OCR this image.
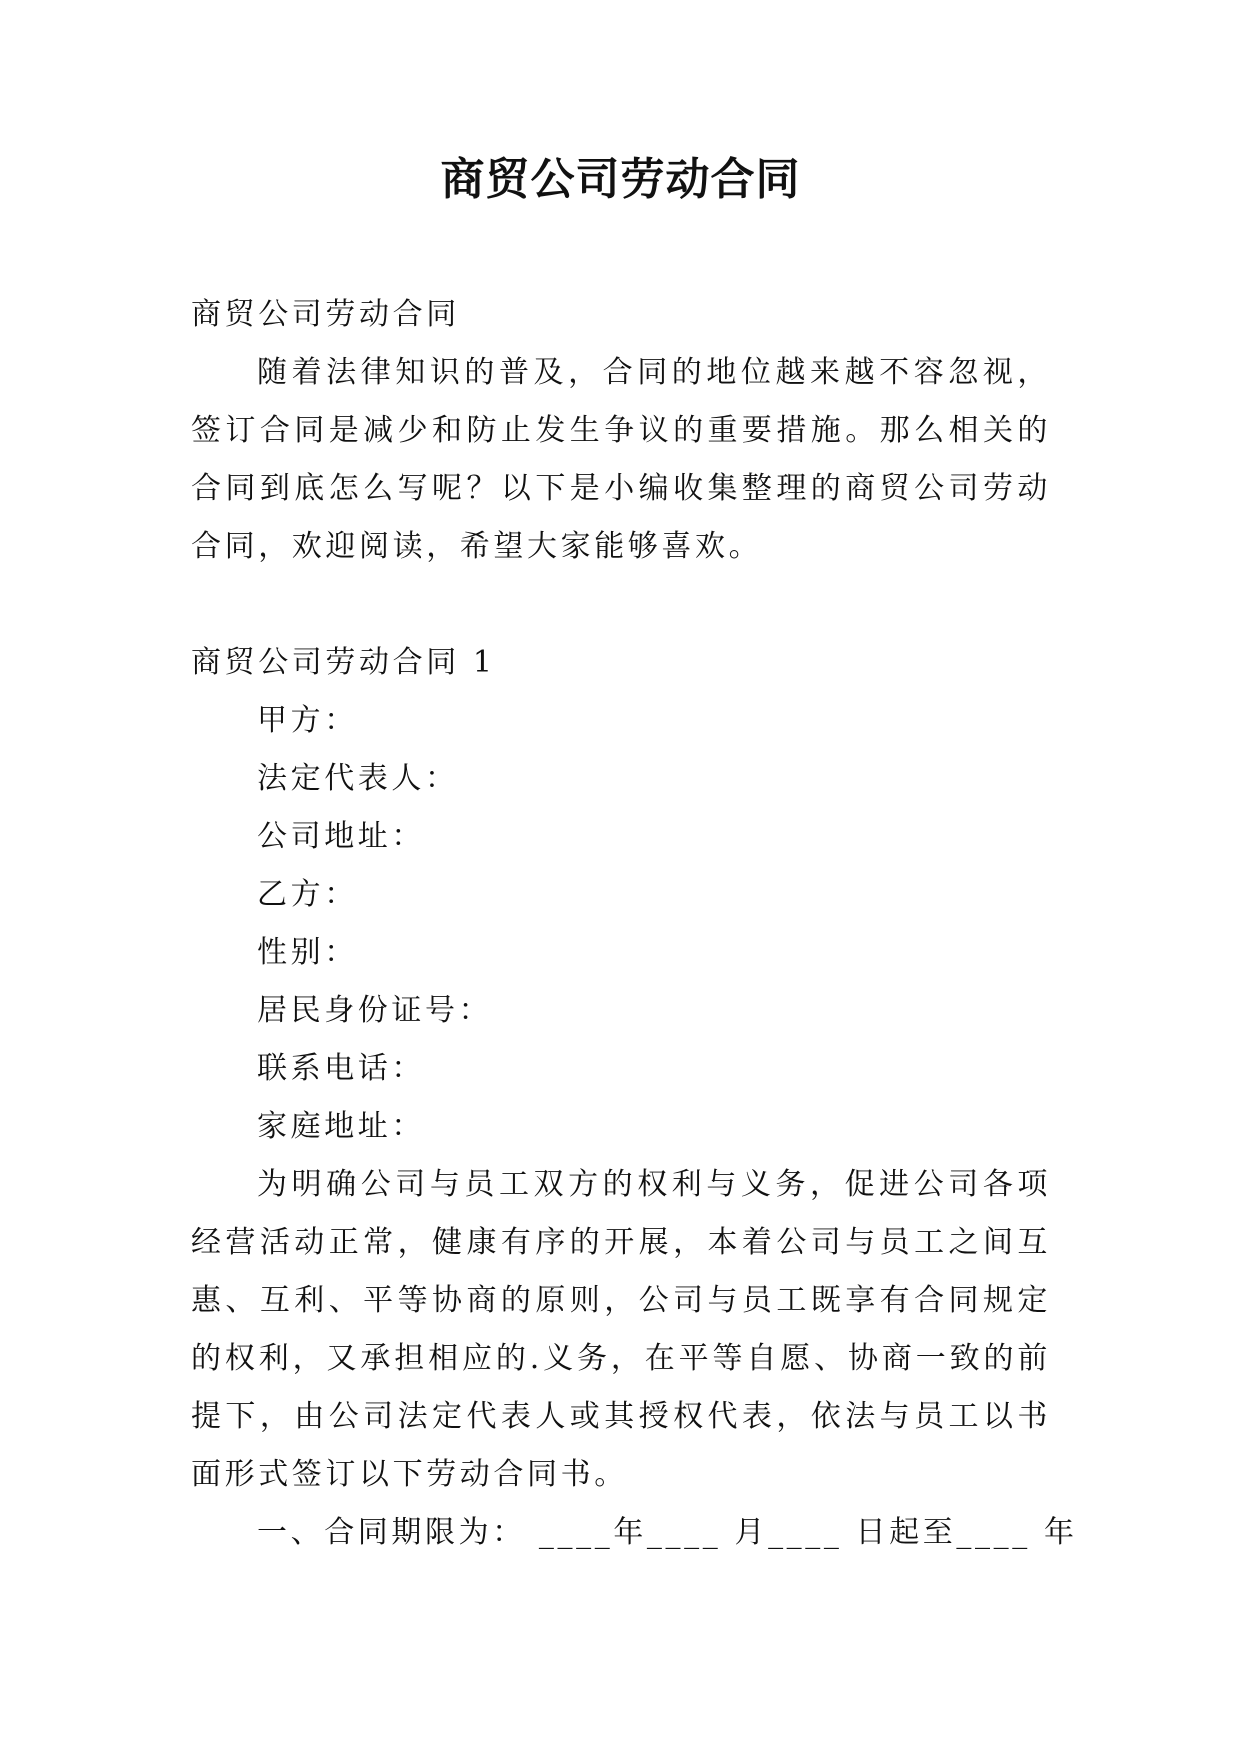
商贸公司劳动合同

商贸公司劳动合同

随着法律知识的普及，合同的地位越来越不容忽视，签订合同是减少和防止发生争议的重要措施。那么相关的合同到底怎么写呢？以下是小编收集整理的商贸公司劳动合同，欢迎阅读，希望大家能够喜欢。

商贸公司劳动合同 1

甲方：

法定代表人：

公司地址：

乙方：

性别：

居民身份证号：

联系电话：

家庭地址：

为明确公司与员工双方的权利与义务，促进公司各项经营活动正常，健康有序的开展，本着公司与员工之间互惠、互利、平等协商的原则，公司与员工既享有合同规定的权利，又承担相应的.义务，在平等自愿、协商一致的前提下，由公司法定代表人或其授权代表，依法与员工以书面形式签订以下劳动合同书。

一、合同期限为： ____年____ 月____ 日起至____ 年
